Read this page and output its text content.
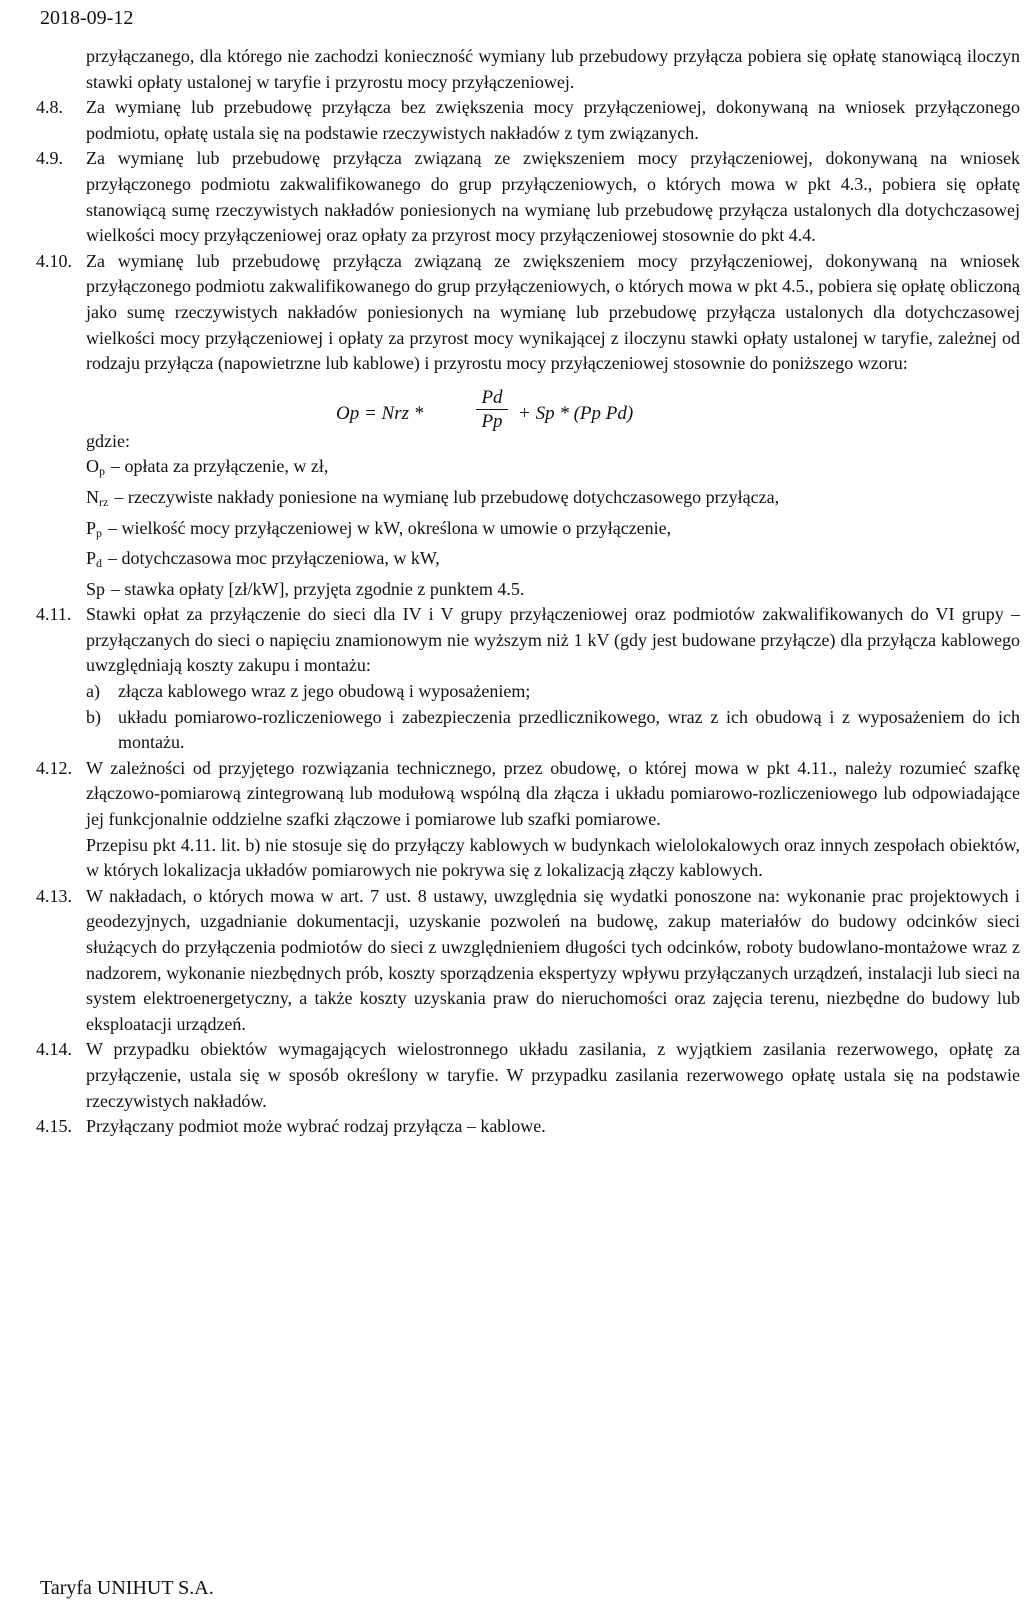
2018-09-12
przyłączanego, dla którego nie zachodzi konieczność wymiany lub przebudowy przyłącza pobiera się opłatę stanowiącą iloczyn stawki opłaty ustalonej w taryfie i przyrostu mocy przyłączeniowej.
4.8.	Za wymianę lub przebudowę przyłącza bez zwiększenia mocy przyłączeniowej, dokonywaną na wniosek przyłączonego podmiotu, opłatę ustala się na podstawie rzeczywistych nakładów z tym związanych.
4.9.	Za wymianę lub przebudowę przyłącza związaną ze zwiększeniem mocy przyłączeniowej, dokonywaną na wniosek przyłączonego podmiotu zakwalifikowanego do grup przyłączeniowych, o których mowa w pkt 4.3., pobiera się opłatę stanowiącą sumę rzeczywistych nakładów poniesionych na wymianę lub przebudowę przyłącza ustalonych dla dotychczasowej wielkości mocy przyłączeniowej oraz opłaty za przyrost mocy przyłączeniowej stosownie do pkt 4.4.
4.10. Za wymianę lub przebudowę przyłącza związaną ze zwiększeniem mocy przyłączeniowej, dokonywaną na wniosek przyłączonego podmiotu zakwalifikowanego do grup przyłączeniowych, o których mowa w pkt 4.5., pobiera się opłatę obliczoną jako sumę rzeczywistych nakładów poniesionych na wymianę lub przebudowę przyłącza ustalonych dla dotychczasowej wielkości mocy przyłączeniowej i opłaty za przyrost mocy wynikającej z iloczynu stawki opłaty ustalonej w taryfie, zależnej od rodzaju przyłącza (napowietrzne lub kablowe) i przyrostu mocy przyłączeniowej stosownie do poniższego wzoru:
Op = Nrz *	$\frac{Pd}{Pp} + Sp * (Pp$ Pd)
gdzie:
$O_p$ – opłata za przyłączenie, w zł,
$N_{rz}$ – rzeczywiste nakłady poniesione na wymianę lub przebudowę dotychczasowego przyłącza,
$P_p$ – wielkość mocy przyłączeniowej w kW, określona w umowie o przyłączenie,
$P_d$ – dotychczasowa moc przyłączeniowa, w kW,
Sp – stawka opłaty [zł/kW], przyjęta zgodnie z punktem 4.5.
4.11. Stawki opłat za przyłączenie do sieci dla IV i V grupy przyłączeniowej oraz podmiotów zakwalifikowanych do VI grupy – przyłączanych do sieci o napięciu znamionowym nie wyższym niż 1 kV (gdy jest budowane przyłącze) dla przyłącza kablowego uwzględniają koszty zakupu i montażu:
a)	złącza kablowego wraz z jego obudową i wyposażeniem;
b) układu pomiarowo-rozliczeniowego i zabezpieczenia przedlicznikowego, wraz z ich obudową i z wyposażeniem do ich montażu.
4.12. W zależności od przyjętego rozwiązania technicznego, przez obudowę, o której mowa w pkt 4.11., należy rozumieć szafkę złączowo-pomiarową zintegrowaną lub modułową wspólną dla złącza i układu pomiarowo-rozliczeniowego lub odpowiadające jej funkcjonalnie oddzielne szafki złączowe i pomiarowe lub szafki pomiarowe.
Przepisu pkt 4.11. lit. b) nie stosuje się do przyłączy kablowych w budynkach wielolokalowych oraz innych zespołach obiektów, w których lokalizacja układów pomiarowych nie pokrywa się z lokalizacją złączy kablowych.
4.13. W nakładach, o których mowa w art. 7 ust. 8 ustawy, uwzględnia się wydatki ponoszone na: wykonanie prac projektowych i geodezyjnych, uzgadnianie dokumentacji, uzyskanie pozwoleń na budowę, zakup materiałów do budowy odcinków sieci służących do przyłączenia podmiotów do sieci z uwzględnieniem długości tych odcinków, roboty budowlano-montażowe wraz z nadzorem, wykonanie niezbędnych prób, koszty sporządzenia ekspertyzy wpływu przyłączanych urządzeń, instalacji lub sieci na system elektroenergetyczny, a także koszty uzyskania praw do nieruchomości oraz zajęcia terenu, niezbędne do budowy lub eksploatacji urządzeń.
4.14. W przypadku obiektów wymagających wielostronnego układu zasilania, z wyjątkiem zasilania rezerwowego, opłatę za przyłączenie, ustala się w sposób określony w taryfie. W przypadku zasilania rezerwowego opłatę ustala się na podstawie rzeczywistych nakładów.
4.15. Przyłączany podmiot może wybrać rodzaj przyłącza – kablowe.
Taryfa UNIHUT S.A.
